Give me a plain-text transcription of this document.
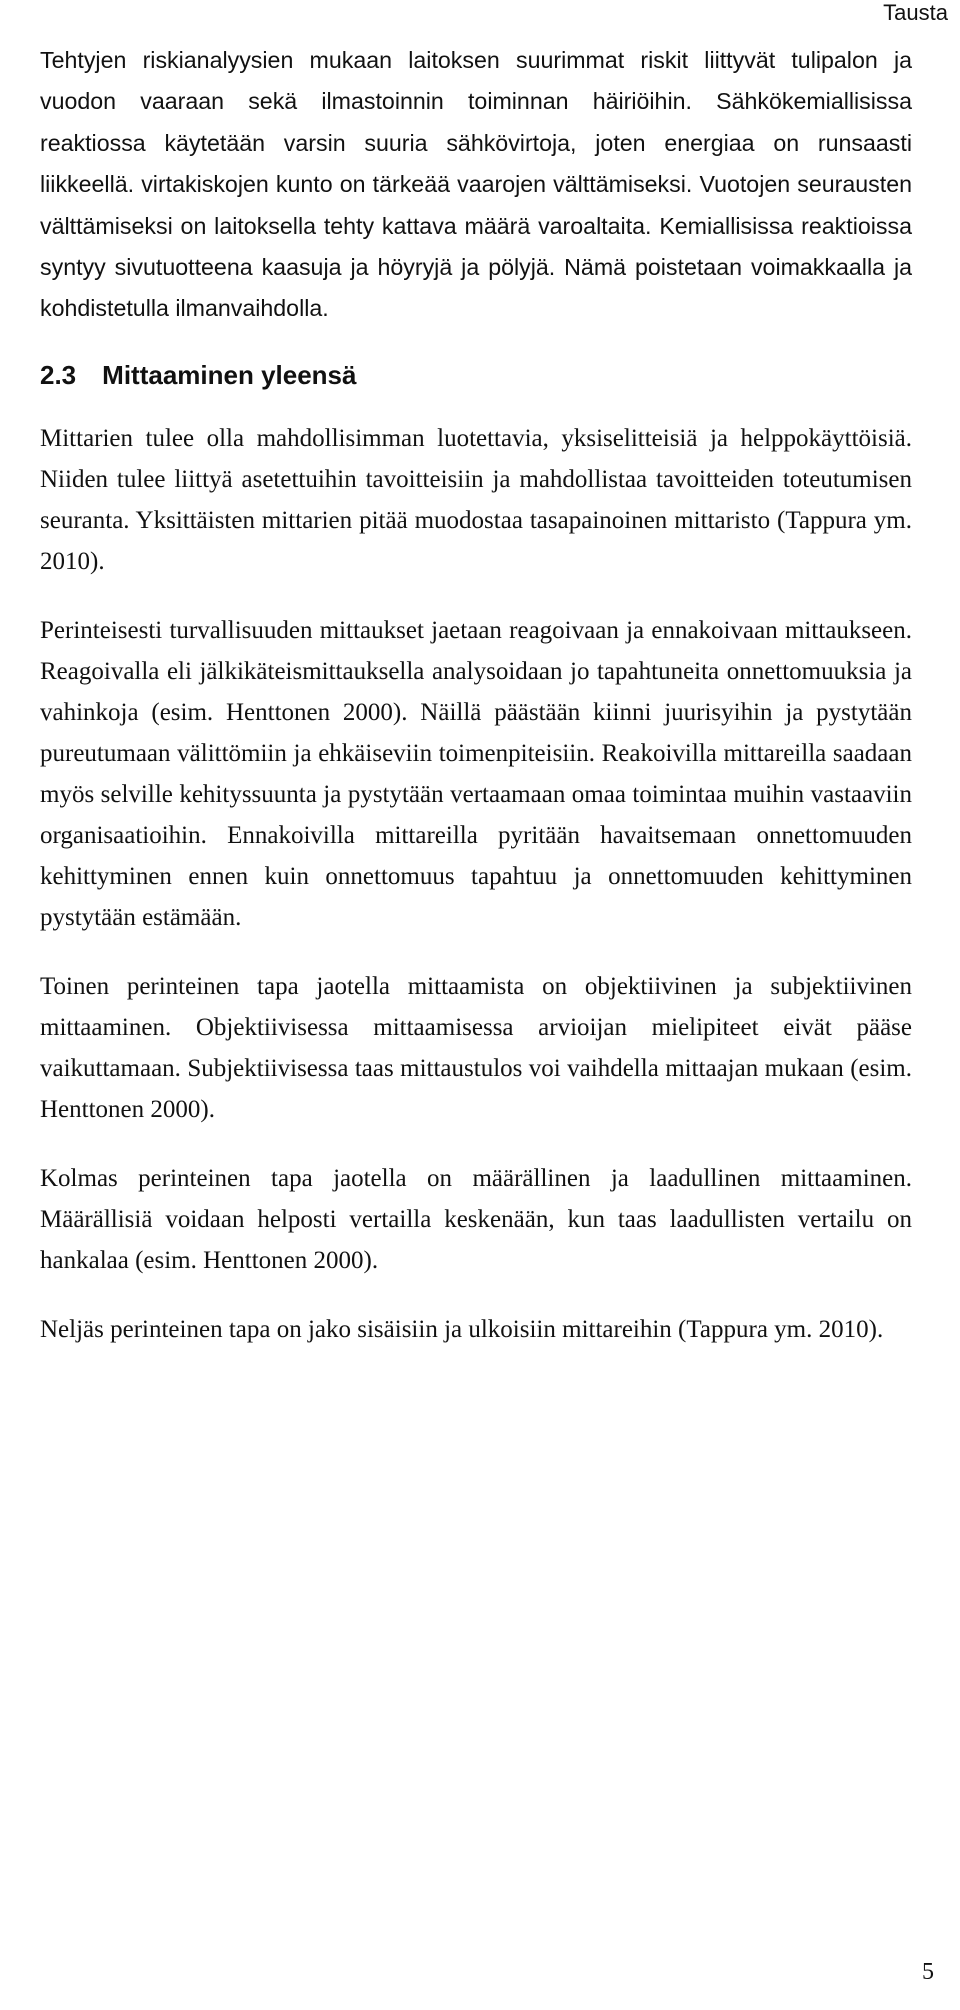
Tausta

Tehtyjen riskianalyysien mukaan laitoksen suurimmat riskit liittyvät tulipalon ja vuodon vaaraan sekä ilmastoinnin toiminnan häiriöihin. Sähkökemiallisissa reaktiossa käytetään varsin suuria sähkövirtoja, joten energiaa on runsaasti liikkeellä. virtakiskojen kunto on tärkeää vaarojen välttämiseksi. Vuotojen seurausten välttämiseksi on laitoksella tehty kattava määrä varoaltaita. Kemiallisissa reaktioissa syntyy sivutuotteena kaasuja ja höyryjä ja pölyjä. Nämä poistetaan voimakkaalla ja kohdistetulla ilmanvaihdolla.

2.3 Mittaaminen yleensä

Mittarien tulee olla mahdollisimman luotettavia, yksiselitteisiä ja helppokäyttöisiä. Niiden tulee liittyä asetettuihin tavoitteisiin ja mahdollistaa tavoitteiden toteutumisen seuranta. Yksittäisten mittarien pitää muodostaa tasapainoinen mittaristo (Tappura ym. 2010).

Perinteisesti turvallisuuden mittaukset jaetaan reagoivaan ja ennakoivaan mittaukseen. Reagoivalla eli jälkikäteismittauksella analysoidaan jo tapahtuneita onnettomuuksia ja vahinkoja (esim. Henttonen 2000). Näillä päästään kiinni juurisyihin ja pystytään pureutumaan välittömiin ja ehkäiseviin toimenpiteisiin. Reakoivilla mittareilla saadaan myös selville kehityssuunta ja pystytään vertaamaan omaa toimintaa muihin vastaaviin organisaatioihin. Ennakoivilla mittareilla pyritään havaitsemaan onnettomuuden kehittyminen ennen kuin onnettomuus tapahtuu ja onnettomuuden kehittyminen pystytään estämään.

Toinen perinteinen tapa jaotella mittaamista on objektiivinen ja subjektiivinen mittaaminen. Objektiivisessa mittaamisessa arvioijan mielipiteet eivät pääse vaikuttamaan. Subjektiivisessa taas mittaustulos voi vaihdella mittaajan mukaan (esim. Henttonen 2000).

Kolmas perinteinen tapa jaotella on määrällinen ja laadullinen mittaaminen. Määrällisiä voidaan helposti vertailla keskenään, kun taas laadullisten vertailu on hankalaa (esim. Henttonen 2000).

Neljäs perinteinen tapa on jako sisäisiin ja ulkoisiin mittareihin (Tappura ym. 2010).

5
